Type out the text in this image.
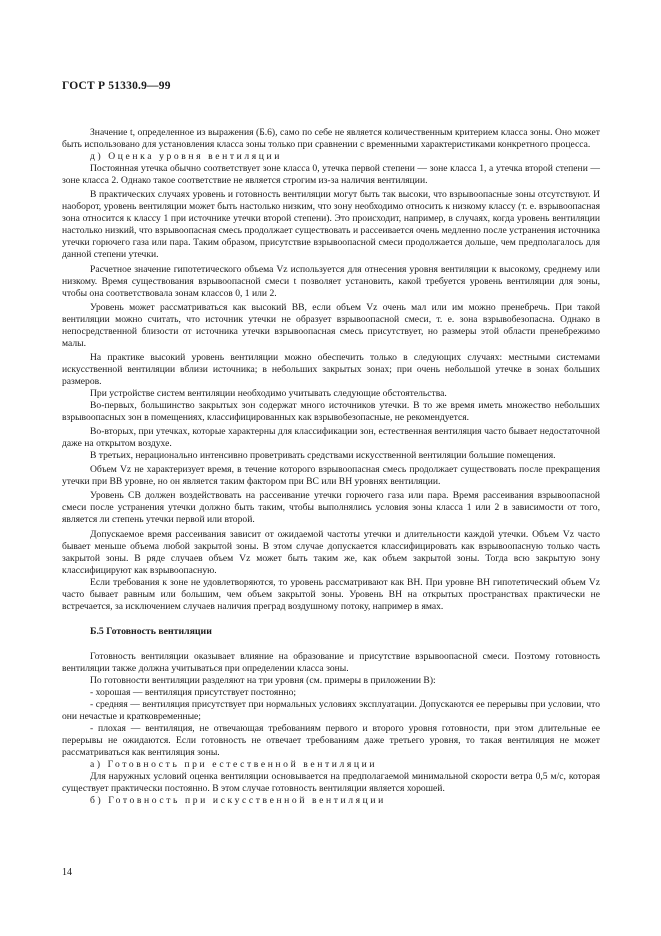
ГОСТ Р 51330.9—99

Значение t, определенное из выражения (Б.6), само по себе не является количественным критерием класса зоны. Оно может быть использовано для установления класса зоны только при сравнении с временными характеристиками конкретного процесса.

д) Оценка уровня вентиляции

Постоянная утечка обычно соответствует зоне класса 0, утечка первой степени — зоне класса 1, а утечка второй степени — зоне класса 2. Однако такое соответствие не является строгим из-за наличия вентиляции.

В практических случаях уровень и готовность вентиляции могут быть так высоки, что взрывоопасные зоны отсутствуют. И наоборот, уровень вентиляции может быть настолько низким, что зону необходимо относить к низкому классу (т. е. взрывоопасная зона относится к классу 1 при источнике утечки второй степени). Это происходит, например, в случаях, когда уровень вентиляции настолько низкий, что взрывоопасная смесь продолжает существовать и рассеивается очень медленно после устранения источника утечки горючего газа или пара. Таким образом, присутствие взрывоопасной смеси продолжается дольше, чем предполагалось для данной степени утечки.

Расчетное значение гипотетического объема Vz используется для отнесения уровня вентиляции к высокому, среднему или низкому. Время существования взрывоопасной смеси t позволяет установить, какой требуется уровень вентиляции для зоны, чтобы она соответствовала зонам классов 0, 1 или 2.

Уровень может рассматриваться как высокий ВВ, если объем Vz очень мал или им можно пренебречь. При такой вентиляции можно считать, что источник утечки не образует взрывоопасной смеси, т. е. зона взрывобезопасна. Однако в непосредственной близости от источника утечки взрывоопасная смесь присутствует, но размеры этой области пренебрежимо малы.

На практике высокий уровень вентиляции можно обеспечить только в следующих случаях: местными системами искусственной вентиляции вблизи источника; в небольших закрытых зонах; при очень небольшой утечке в зонах больших размеров.

При устройстве систем вентиляции необходимо учитывать следующие обстоятельства.

Во-первых, большинство закрытых зон содержат много источников утечки. В то же время иметь множество небольших взрывоопасных зон в помещениях, классифицированных как взрывобезопасные, не рекомендуется.

Во-вторых, при утечках, которые характерны для классификации зон, естественная вентиляция часто бывает недостаточной даже на открытом воздухе.

В третьих, нерационально интенсивно проветривать средствами искусственной вентиляции большие помещения.

Объем Vz не характеризует время, в течение которого взрывоопасная смесь продолжает существовать после прекращения утечки при ВВ уровне, но он является таким фактором при ВС или ВН уровнях вентиляции.

Уровень СВ должен воздействовать на рассеивание утечки горючего газа или пара. Время рассеивания взрывоопасной смеси после устранения утечки должно быть таким, чтобы выполнялись условия зоны класса 1 или 2 в зависимости от того, является ли степень утечки первой или второй.

Допускаемое время рассеивания зависит от ожидаемой частоты утечки и длительности каждой утечки. Объем Vz часто бывает меньше объема любой закрытой зоны. В этом случае допускается классифицировать как взрывоопасную только часть закрытой зоны. В ряде случаев объем Vz может быть таким же, как объем закрытой зоны. Тогда всю закрытую зону классифицируют как взрывоопасную.

Если требования к зоне не удовлетворяются, то уровень рассматривают как ВН. При уровне ВН гипотетический объем Vz часто бывает равным или большим, чем объем закрытой зоны. Уровень ВН на открытых пространствах практически не встречается, за исключением случаев наличия преград воздушному потоку, например в ямах.

Б.5 Готовность вентиляции

Готовность вентиляции оказывает влияние на образование и присутствие взрывоопасной смеси. Поэтому готовность вентиляции также должна учитываться при определении класса зоны.

По готовности вентиляции разделяют на три уровня (см. примеры в приложении В):

- хорошая — вентиляция присутствует постоянно;

- средняя — вентиляция присутствует при нормальных условиях эксплуатации. Допускаются ее перерывы при условии, что они нечастые и кратковременные;

- плохая — вентиляция, не отвечающая требованиям первого и второго уровня готовности, при этом длительные ее перерывы не ожидаются. Если готовность не отвечает требованиям даже третьего уровня, то такая вентиляция не может рассматриваться как вентиляция зоны.

а) Готовность при естественной вентиляции

Для наружных условий оценка вентиляции основывается на предполагаемой минимальной скорости ветра 0,5 м/с, которая существует практически постоянно. В этом случае готовность вентиляции является хорошей.

б) Готовность при искусственной вентиляции

14
